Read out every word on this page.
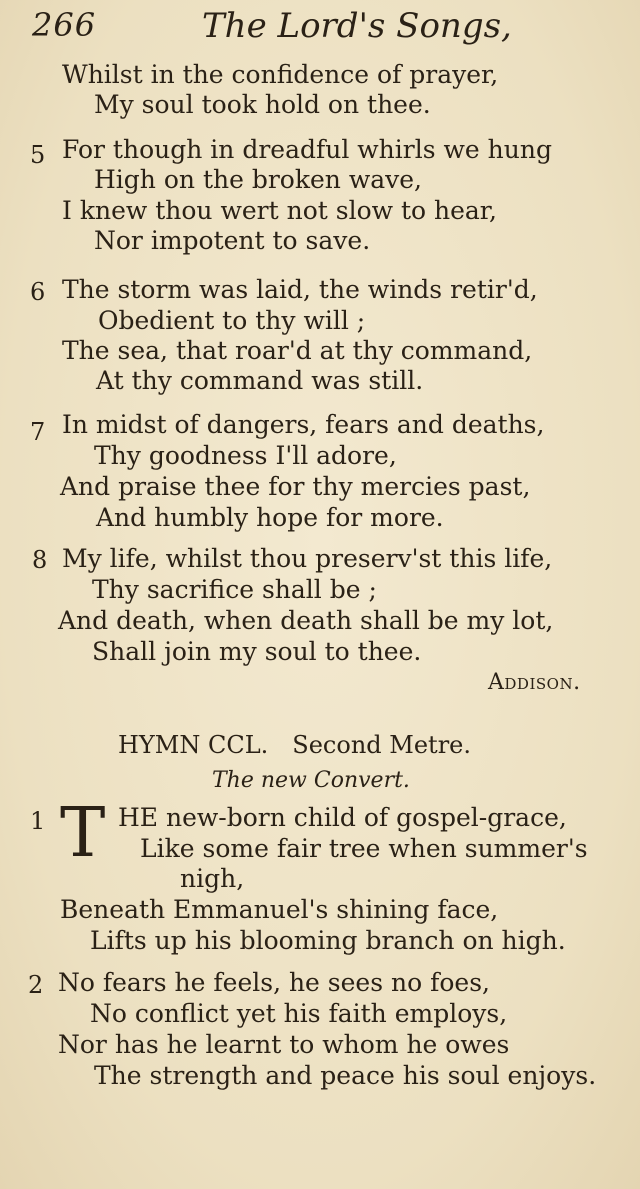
266	The Lord's Songs,
Whilst in the confidence of prayer,
My soul took hold on thee.
5 For though in dreadful whirls we hung
High on the broken wave,
I knew thou wert not slow to hear,
Nor impotent to save.
6 The storm was laid, the winds retir'd,
Obedient to thy will ;
The sea, that roar'd at thy command,
At thy command was still.
7 In midst of dangers, fears and deaths,
Thy goodness I'll adore,
And praise thee for thy mercies past,
And humbly hope for more.
8 My life, whilst thou preserv'st this life,
Thy sacrifice shall be ;
And death, when death shall be my lot,
Shall join my soul to thee.
Addison.
HYMN CCL. Second Metre.
The new Convert.
1 T HE new-born child of gospel-grace,
Like some fair tree when summer's
nigh,
Beneath Emmanuel's shining face,
Lifts up his blooming branch on high.
2 No fears he feels, he sees no foes,
No conflict yet his faith employs,
Nor has he learnt to whom he owes
The strength and peace his soul enjoys.
